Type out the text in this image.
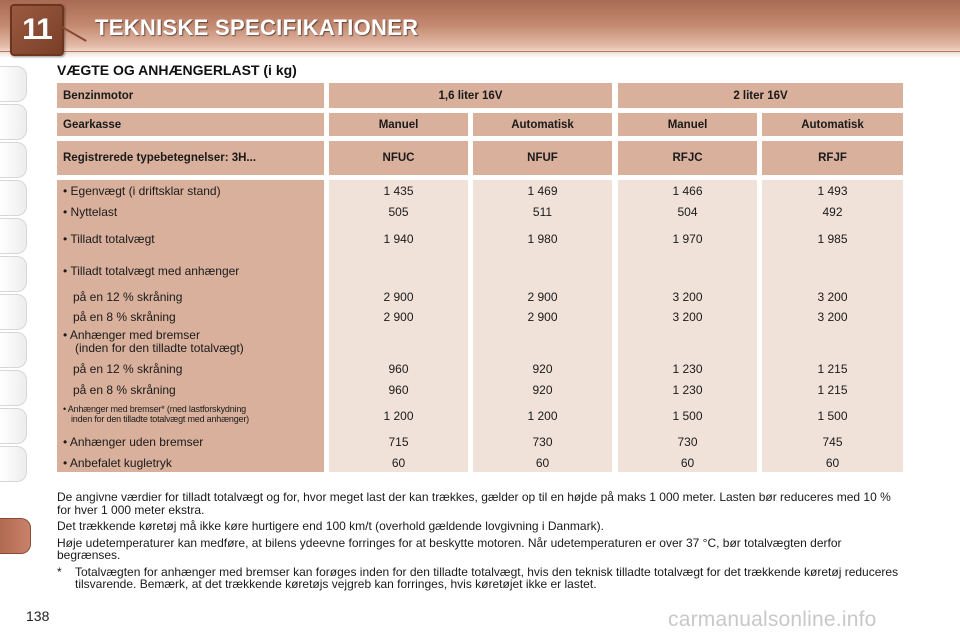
11	TEKNISKE SPECIFIKATIONER
VÆGTE OG ANHÆNGERLAST (i kg)
Benzinmotor	1,6 liter 16V	2 liter 16V
Gearkasse	Manuel	Automatisk	Manuel	Automatisk
Registrerede typebetegnelser: 3H...	NFUC	NFUF	RFJC	RFJF
• Egenvægt (i driftsklar stand)	1 435	1 469	1 466	1 493
• Nyttelast	505	511	504	492
• Tilladt totalvægt	1 940	1 980	1 970	1 985
• Tilladt totalvægt med anhænger
på en 12 % skråning	2 900	2 900	3 200	3 200
på en 8 % skråning	2 900	2 900	3 200	3 200
• Anhænger med bremser
(inden for den tilladte totalvægt)
på en 12 % skråning	960	920	1 230	1 215
på en 8 % skråning	960	920	1 230	1 215
• Anhænger med bremser* (med lastforskydning
inden for den tilladte totalvægt med anhænger)	1 200	1 200	1 500	1 500
• Anhænger uden bremser	715	730	730	745
• Anbefalet kugletryk	60	60	60	60

De angivne værdier for tilladt totalvægt og for, hvor meget last der kan trækkes, gælder op til en højde på maks 1 000 meter. Lasten bør reduceres med 10 % for hver 1 000 meter ekstra.

Det trækkende køretøj må ikke køre hurtigere end 100 km/t (overhold gældende lovgivning i Danmark).

Høje udetemperaturer kan medføre, at bilens ydeevne forringes for at beskytte motoren. Når udetemperaturen er over 37 °C, bør totalvægten derfor begrænses.

* Totalvægten for anhænger med bremser kan forøges inden for den tilladte totalvægt, hvis den teknisk tilladte totalvægt for det trækkende køretøj reduceres tilsvarende. Bemærk, at det trækkende køretøjs vejgreb kan forringes, hvis køretøjet ikke er lastet.

138	carmanualsonline.info
